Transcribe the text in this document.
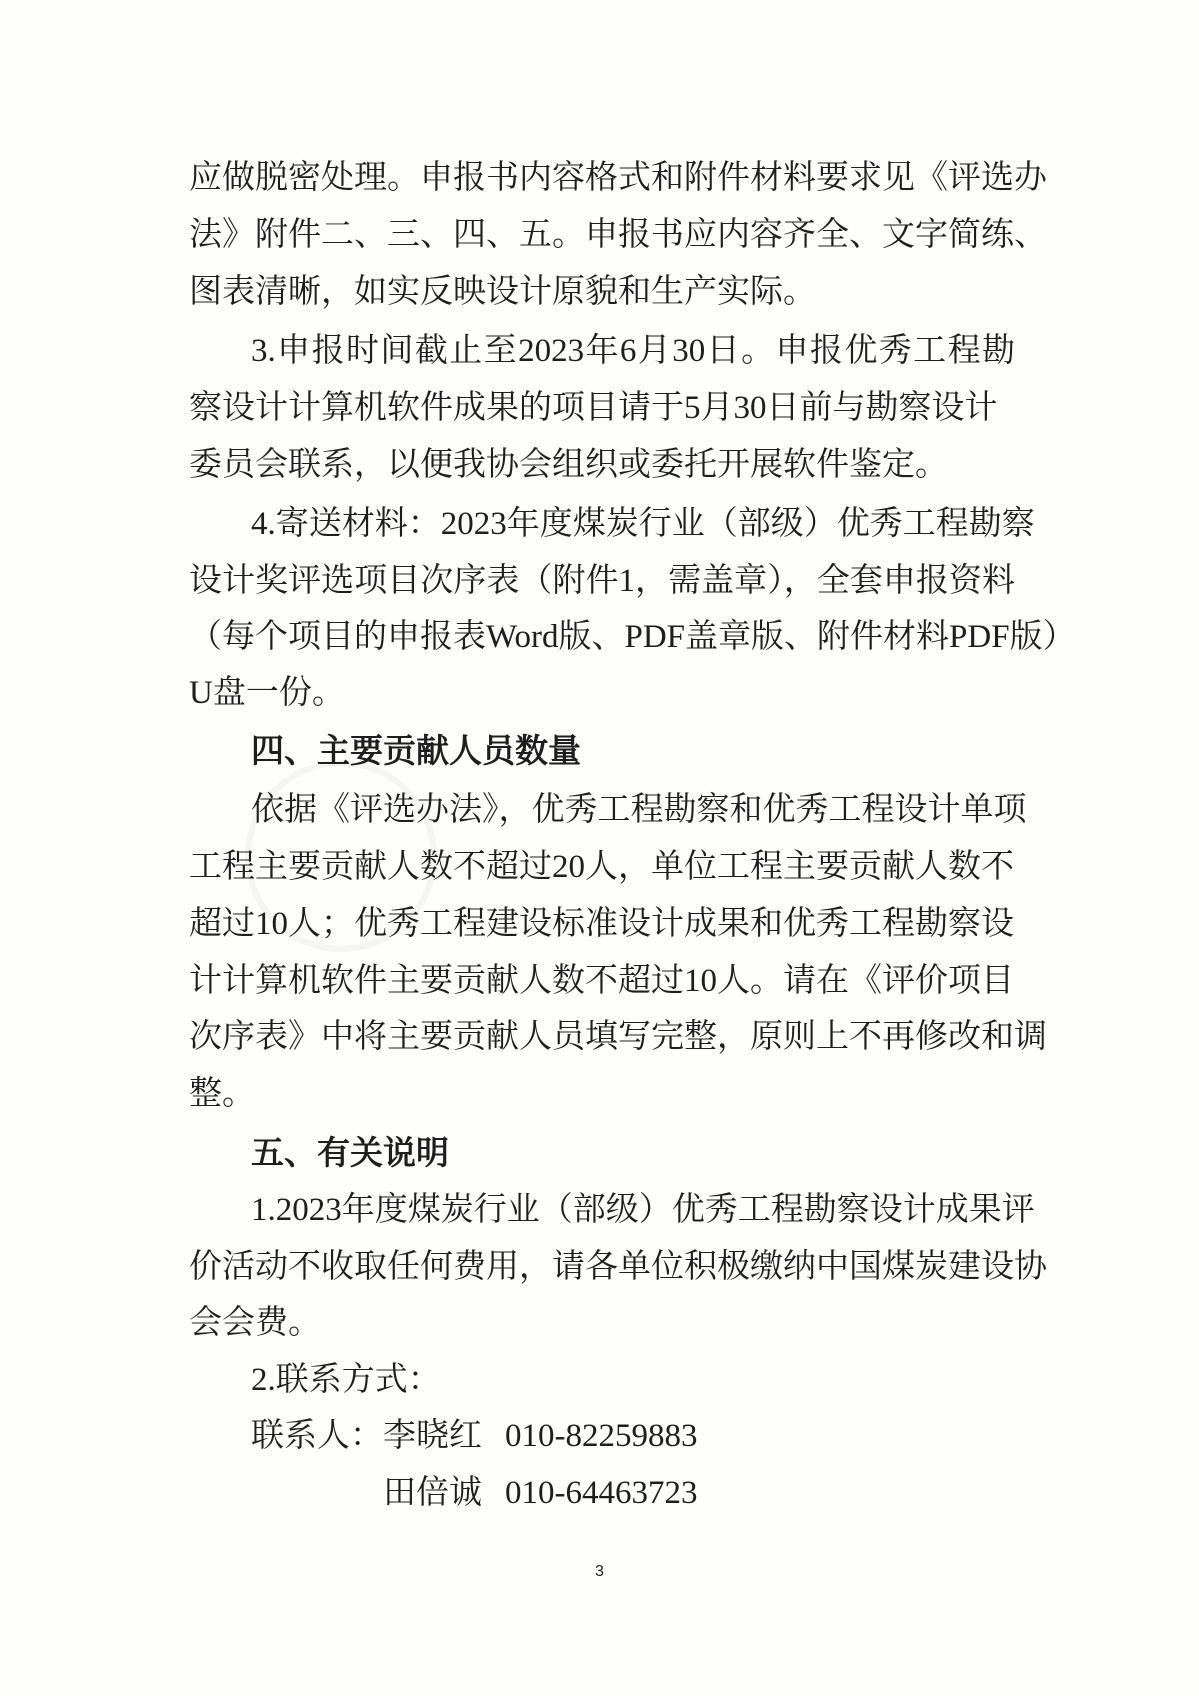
应做脱密处理。申报书内容格式和附件材料要求见《评选办
法》附件二、三、四、五。申报书应内容齐全、文字简练、
图表清晰，如实反映设计原貌和生产实际。
3.申报时间截止至2023年6月30日。申报优秀工程勘
察设计计算机软件成果的项目请于5月30日前与勘察设计
委员会联系，以便我协会组织或委托开展软件鉴定。
4.寄送材料：2023年度煤炭行业（部级）优秀工程勘察
设计奖评选项目次序表（附件1，需盖章），全套申报资料
（每个项目的申报表Word版、PDF盖章版、附件材料PDF版）
U盘一份。
四、主要贡献人员数量
依据《评选办法》，优秀工程勘察和优秀工程设计单项
工程主要贡献人数不超过20人，单位工程主要贡献人数不
超过10人；优秀工程建设标准设计成果和优秀工程勘察设
计计算机软件主要贡献人数不超过10人。请在《评价项目
次序表》中将主要贡献人员填写完整，原则上不再修改和调
整。
五、有关说明
1.2023年度煤炭行业（部级）优秀工程勘察设计成果评
价活动不收取任何费用，请各单位积极缴纳中国煤炭建设协
会会费。
2.联系方式：
联系人： 李晓红 010-82259883
田倍诚 010-64463723
3
